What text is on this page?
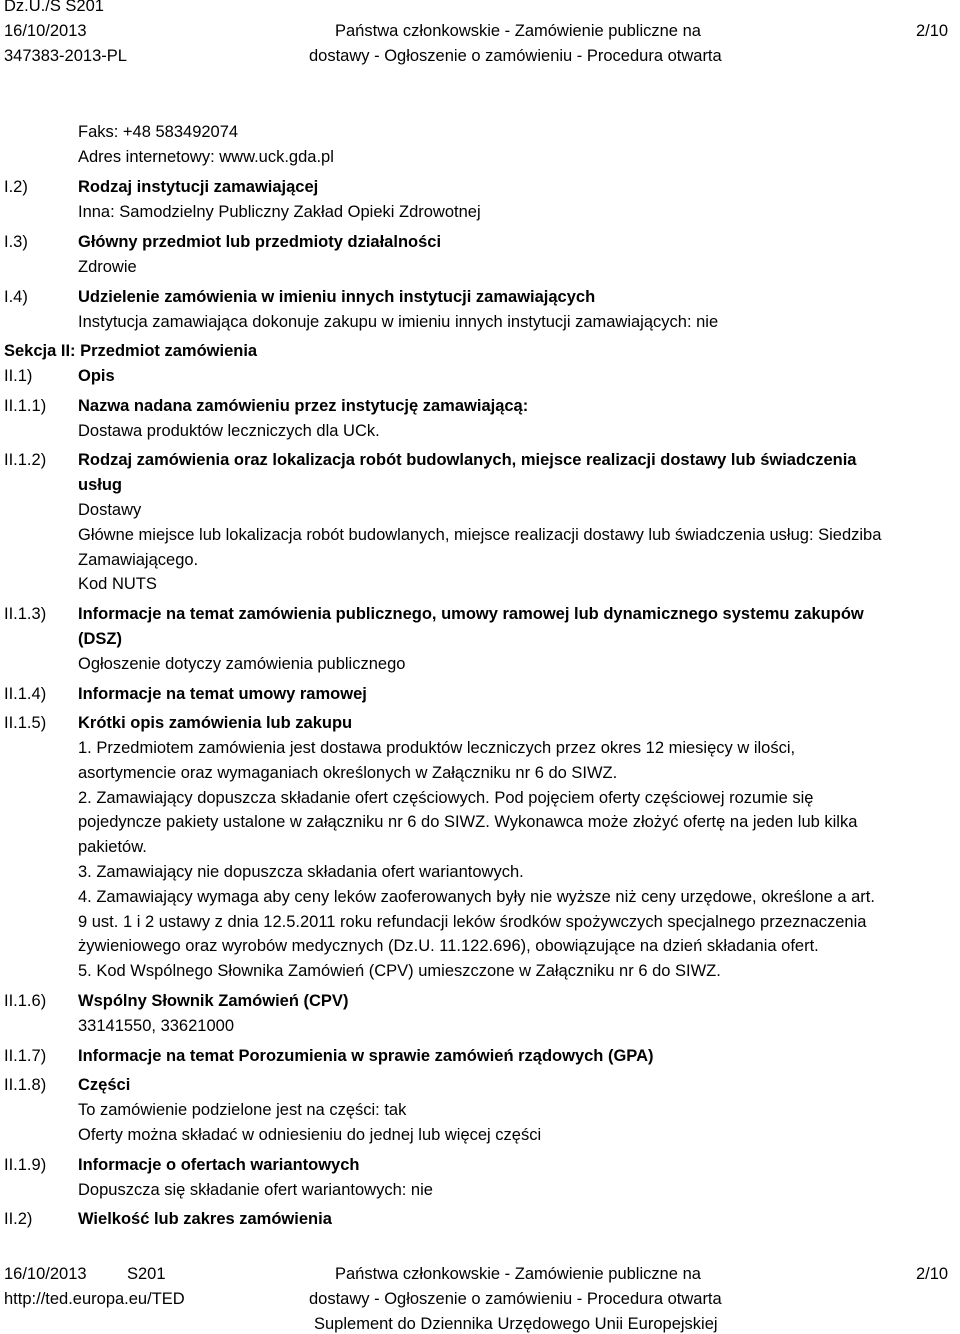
Dz.U./S S201
16/10/2013
347383-2013-PL
Państwa członkowskie - Zamówienie publiczne na
dostawy - Ogłoszenie o zamówieniu - Procedura otwarta
2/10
Faks: +48 583492074
Adres internetowy: www.uck.gda.pl
I.2)	Rodzaj instytucji zamawiającej
Inna: Samodzielny Publiczny Zakład Opieki Zdrowotnej
I.3)	Główny przedmiot lub przedmioty działalności
Zdrowie
I.4)	Udzielenie zamówienia w imieniu innych instytucji zamawiających
Instytucja zamawiająca dokonuje zakupu w imieniu innych instytucji zamawiających: nie
Sekcja II: Przedmiot zamówienia
II.1)	Opis
II.1.1) Nazwa nadana zamówieniu przez instytucję zamawiającą:
Dostawa produktów leczniczych dla UCk.
II.1.2) Rodzaj zamówienia oraz lokalizacja robót budowlanych, miejsce realizacji dostawy lub świadczenia
usług
Dostawy
Główne miejsce lub lokalizacja robót budowlanych, miejsce realizacji dostawy lub świadczenia usług: Siedziba
Zamawiającego.
Kod NUTS
II.1.3) Informacje na temat zamówienia publicznego, umowy ramowej lub dynamicznego systemu zakupów
(DSZ)
Ogłoszenie dotyczy zamówienia publicznego
II.1.4) Informacje na temat umowy ramowej
II.1.5) Krótki opis zamówienia lub zakupu
1. Przedmiotem zamówienia jest dostawa produktów leczniczych przez okres 12 miesięcy w ilości,
asortymencie oraz wymaganiach określonych w Załączniku nr 6 do SIWZ.
2. Zamawiający dopuszcza składanie ofert częściowych. Pod pojęciem oferty częściowej rozumie się
pojedyncze pakiety ustalone w załączniku nr 6 do SIWZ. Wykonawca może złożyć ofertę na jeden lub kilka
pakietów.
3. Zamawiający nie dopuszcza składania ofert wariantowych.
4. Zamawiający wymaga aby ceny leków zaoferowanych były nie wyższe niż ceny urzędowe, określone a art.
9 ust. 1 i 2 ustawy z dnia 12.5.2011 roku refundacji leków środków spożywczych specjalnego przeznaczenia
żywieniowego oraz wyrobów medycznych (Dz.U. 11.122.696), obowiązujące na dzień składania ofert.
5. Kod Wspólnego Słownika Zamówień (CPV) umieszczone w Załączniku nr 6 do SIWZ.
II.1.6) Wspólny Słownik Zamówień (CPV)
33141550, 33621000
II.1.7) Informacje na temat Porozumienia w sprawie zamówień rządowych (GPA)
II.1.8) Części
To zamówienie podzielone jest na części: tak
Oferty można składać w odniesieniu do jednej lub więcej części
II.1.9) Informacje o ofertach wariantowych
Dopuszcza się składanie ofert wariantowych: nie
II.2)	Wielkość lub zakres zamówienia
16/10/2013 S201
http://ted.europa.eu/TED
Państwa członkowskie - Zamówienie publiczne na
dostawy - Ogłoszenie o zamówieniu - Procedura otwarta
Suplement do Dziennika Urzędowego Unii Europejskiej
2/10
